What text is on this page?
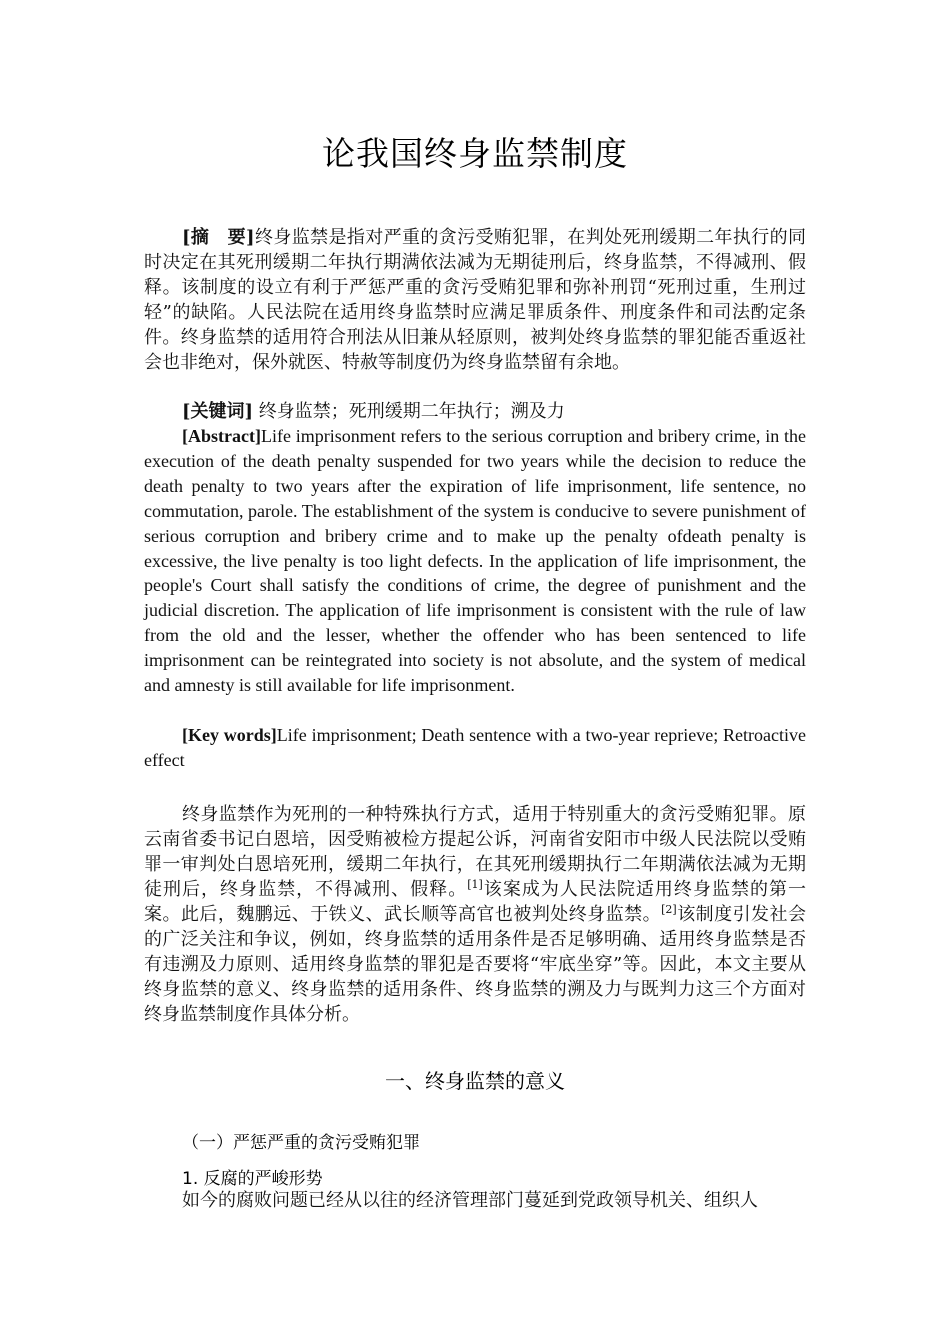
论我国终身监禁制度
[摘　要]终身监禁是指对严重的贪污受贿犯罪，在判处死刑缓期二年执行的同时决定在其死刑缓期二年执行期满依法减为无期徒刑后，终身监禁，不得减刑、假释。该制度的设立有利于严惩严重的贪污受贿犯罪和弥补刑罚“死刑过重，生刑过轻”的缺陷。人民法院在适用终身监禁时应满足罪质条件、刑度条件和司法酌定条件。终身监禁的适用符合刑法从旧兼从轻原则，被判处终身监禁的罪犯能否重返社会也非绝对，保外就医、特赦等制度仍为终身监禁留有余地。
[关键词] 终身监禁；死刑缓期二年执行；溯及力
[Abstract]Life imprisonment refers to the serious corruption and bribery crime, in the execution of the death penalty suspended for two years while the decision to reduce the death penalty to two years after the expiration of life imprisonment, life sentence, no commutation, parole. The establishment of the system is conducive to severe punishment of serious corruption and bribery crime and to make up the penalty ofdeath penalty is excessive, the live penalty is too light defects. In the application of life imprisonment, the people's Court shall satisfy the conditions of crime, the degree of punishment and the judicial discretion. The application of life imprisonment is consistent with the rule of law from the old and the lesser, whether the offender who has been sentenced to life imprisonment can be reintegrated into society is not absolute, and the system of medical and amnesty is still available for life imprisonment.
[Key words]Life imprisonment; Death sentence with a two-year reprieve; Retroactive effect
终身监禁作为死刑的一种特殊执行方式，适用于特别重大的贪污受贿犯罪。原云南省委书记白恩培，因受贿被检方提起公诉，河南省安阳市中级人民法院以受贿罪一审判处白恩培死刑，缓期二年执行，在其死刑缓期执行二年期满依法减为无期徒刑后，终身监禁，不得减刑、假释。[1]该案成为人民法院适用终身监禁的第一案。此后，魏鹏远、于铁义、武长顺等高官也被判处终身监禁。[2]该制度引发社会的广泛关注和争议，例如，终身监禁的适用条件是否足够明确、适用终身监禁是否有违溯及力原则、适用终身监禁的罪犯是否要将“牢底坐穿”等。因此，本文主要从终身监禁的意义、终身监禁的适用条件、终身监禁的溯及力与既判力这三个方面对终身监禁制度作具体分析。
一、终身监禁的意义
（一）严惩严重的贪污受贿犯罪
1. 反腐的严峻形势
如今的腐败问题已经从以往的经济管理部门蔓延到党政领导机关、组织人
